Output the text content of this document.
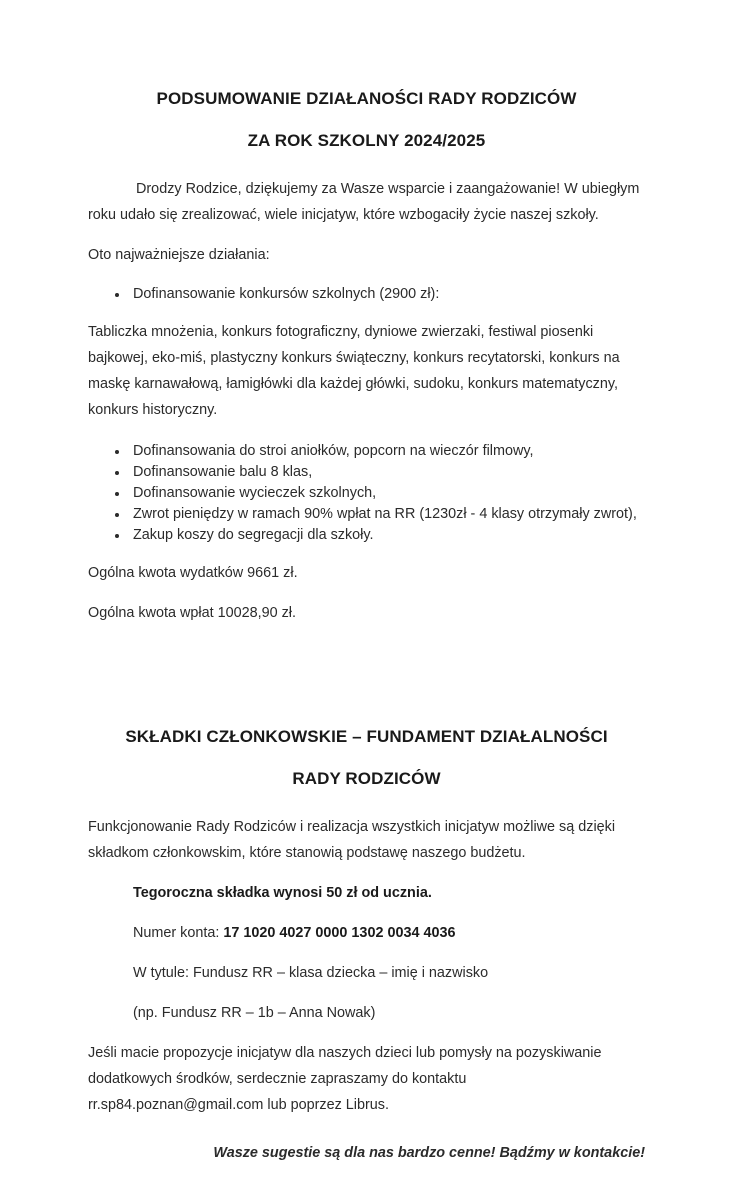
PODSUMOWANIE DZIAŁANOŚCI RADY RODZICÓW
ZA ROK SZKOLNY 2024/2025

Drodzy Rodzice, dziękujemy za Wasze wsparcie i zaangażowanie! W ubiegłym roku udało się zrealizować, wiele inicjatyw, które wzbogaciły życie naszej szkoły.

Oto najważniejsze działania:

Dofinansowanie konkursów szkolnych (2900 zł):

Tabliczka mnożenia, konkurs fotograficzny, dyniowe zwierzaki, festiwal piosenki bajkowej, eko-miś, plastyczny konkurs świąteczny, konkurs recytatorski, konkurs na maskę karnawałową, łamigłówki dla każdej główki, sudoku, konkurs matematyczny, konkurs historyczny.

Dofinansowania do stroi aniołków, popcorn na wieczór filmowy,
Dofinansowanie balu 8 klas,
Dofinansowanie wycieczek szkolnych,
Zwrot pieniędzy w ramach 90% wpłat na RR (1230zł - 4 klasy otrzymały zwrot),
Zakup koszy do segregacji dla szkoły.

Ogólna kwota wydatków 9661 zł.

Ogólna kwota wpłat 10028,90 zł.

SKŁADKI CZŁONKOWSKIE – FUNDAMENT DZIAŁALNOŚCI
RADY RODZICÓW

Funkcjonowanie Rady Rodziców i realizacja wszystkich inicjatyw możliwe są dzięki składkom członkowskim, które stanowią podstawę naszego budżetu.

Tegoroczna składka wynosi 50 zł od ucznia.

Numer konta: 17 1020 4027 0000 1302 0034 4036

W tytule: Fundusz RR – klasa dziecka – imię i nazwisko

(np. Fundusz RR – 1b – Anna Nowak)

Jeśli macie propozycje inicjatyw dla naszych dzieci lub pomysły na pozyskiwanie dodatkowych środków, serdecznie zapraszamy do kontaktu rr.sp84.poznan@gmail.com lub poprzez Librus.

Wasze sugestie są dla nas bardzo cenne! Bądźmy w kontakcie!
